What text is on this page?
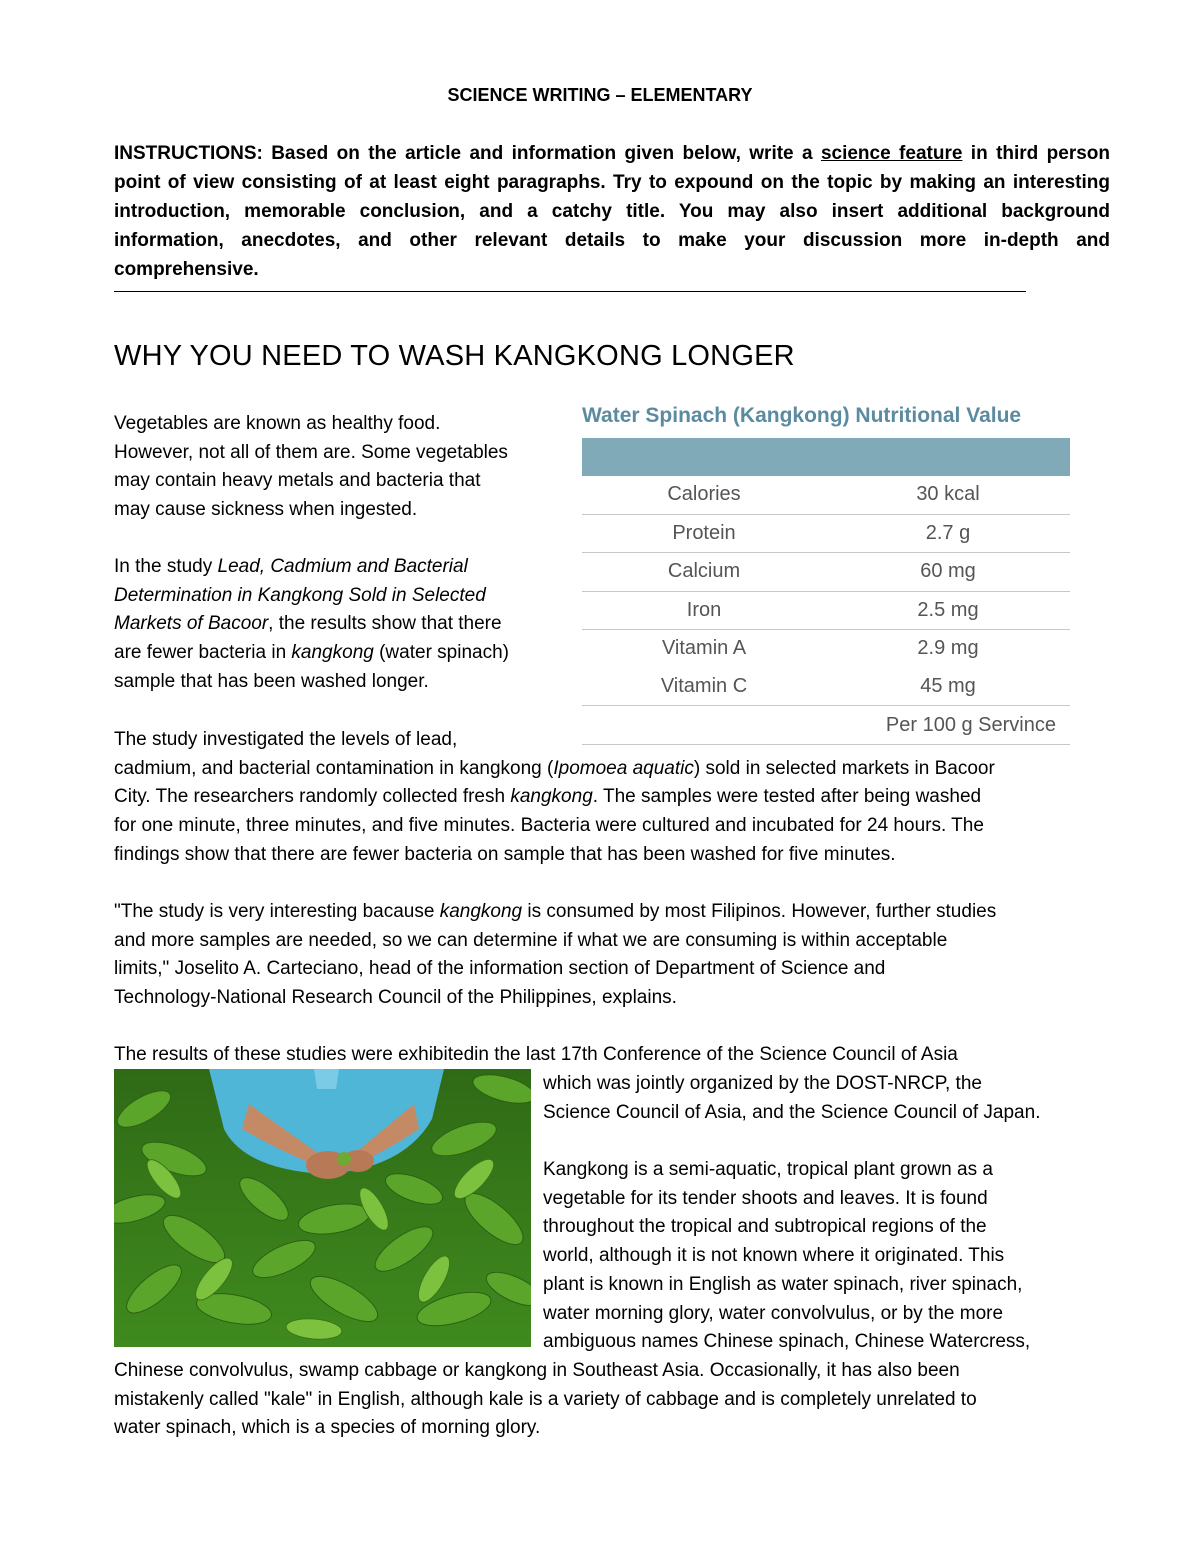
SCIENCE WRITING – ELEMENTARY
INSTRUCTIONS: Based on the article and information given below, write a science feature in third person point of view consisting of at least eight paragraphs. Try to expound on the topic by making an interesting introduction, memorable conclusion, and a catchy title. You may also insert additional background information, anecdotes, and other relevant details to make your discussion more in-depth and comprehensive.
WHY YOU NEED TO WASH KANGKONG LONGER
Vegetables are known as healthy food.
However, not all of them are. Some vegetables
may contain heavy metals and bacteria that
may cause sickness when ingested.
In the study Lead, Cadmium and Bacterial
Determination in Kangkong Sold in Selected
Markets of Bacoor, the results show that there
are fewer bacteria in kangkong (water spinach)
sample that has been washed longer.
Water Spinach (Kangkong) Nutritional Value
Calories	30 kcal
Protein	2.7 g
Calcium	60 mg
Iron	2.5 mg
Vitamin A	2.9 mg
Vitamin C	45 mg
Per 100 g Servince
The study investigated the levels of lead,
cadmium, and bacterial contamination in kangkong (Ipomoea aquatic) sold in selected markets in Bacoor
City. The researchers randomly collected fresh kangkong. The samples were tested after being washed
for one minute, three minutes, and five minutes. Bacteria were cultured and incubated for 24 hours. The
findings show that there are fewer bacteria on sample that has been washed for five minutes.
"The study is very interesting bacause kangkong is consumed by most Filipinos. However, further studies
and more samples are needed, so we can determine if what we are consuming is within acceptable
limits," Joselito A. Carteciano, head of the information section of Department of Science and
Technology-National Research Council of the Philippines, explains.
The results of these studies were exhibitedin the last 17th Conference of the Science Council of Asia
which was jointly organized by the DOST-NRCP, the
Science Council of Asia, and the Science Council of Japan.
Kangkong is a semi-aquatic, tropical plant grown as a
vegetable for its tender shoots and leaves. It is found
throughout the tropical and subtropical regions of the
world, although it is not known where it originated. This
plant is known in English as water spinach, river spinach,
water morning glory, water convolvulus, or by the more
ambiguous names Chinese spinach, Chinese Watercress,
Chinese convolvulus, swamp cabbage or kangkong in Southeast Asia. Occasionally, it has also been
mistakenly called "kale" in English, although kale is a variety of cabbage and is completely unrelated to
water spinach, which is a species of morning glory.
